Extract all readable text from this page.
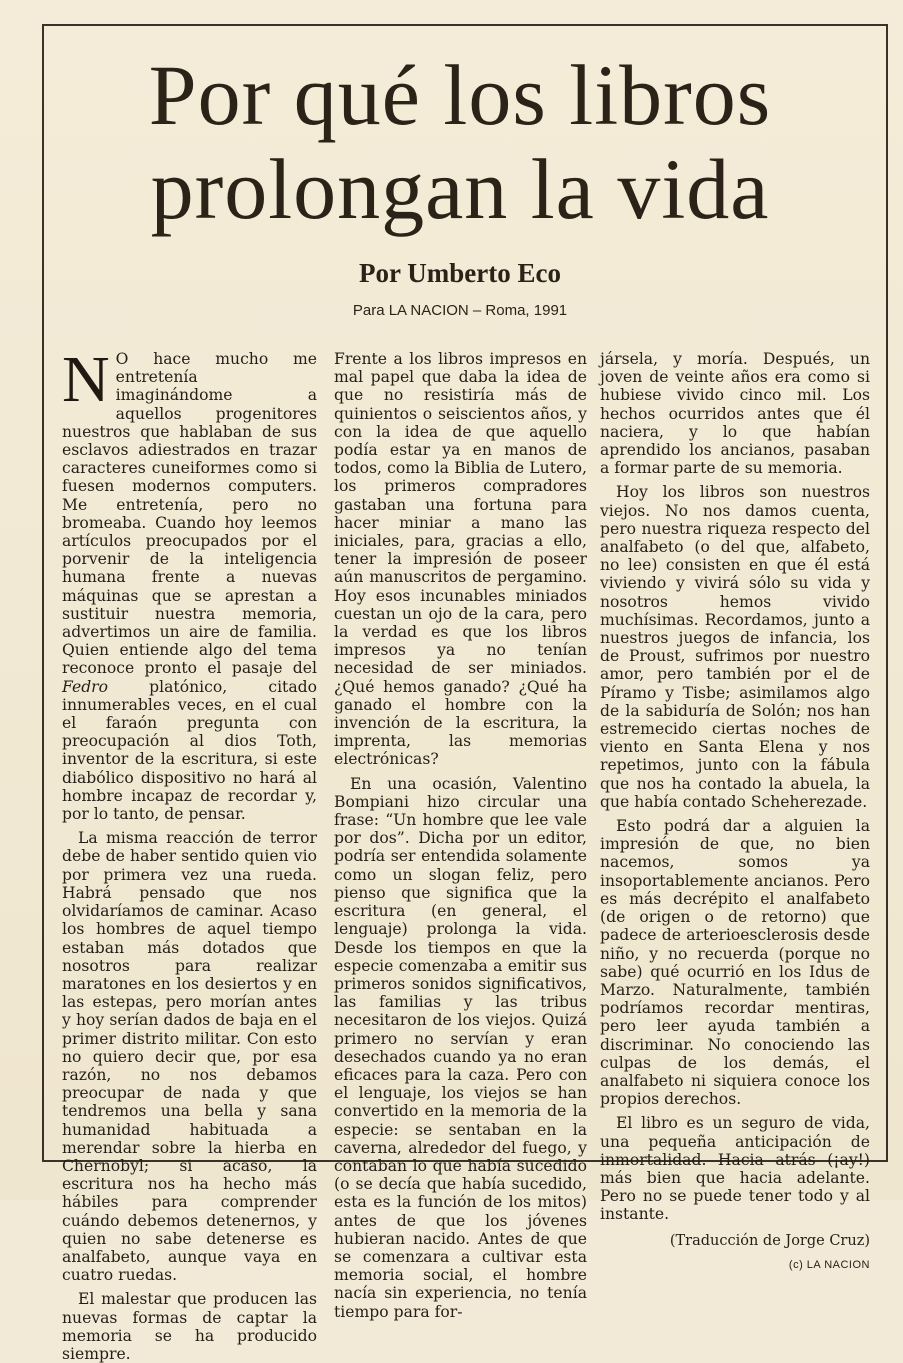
Por qué los libros
prolongan la vida
Por Umberto Eco
Para LA NACION – Roma, 1991

N O hace mucho me entretenía imaginándome a aquellos progenitores nuestros que hablaban de sus esclavos adiestrados en trazar caracteres cuneiformes como si fuesen modernos computers. Me entretenía, pero no bromeaba. Cuando hoy leemos artículos preocupados por el porvenir de la inteligencia humana frente a nuevas máquinas que se aprestan a sustituir nuestra memoria, advertimos un aire de familia. Quien entiende algo del tema reconoce pronto el pasaje del Fedro platónico, citado innumerables veces, en el cual el faraón pregunta con preocupación al dios Toth, inventor de la escritura, si este diabólico dispositivo no hará al hombre incapaz de recordar y, por lo tanto, de pensar.

La misma reacción de terror debe de haber sentido quien vio por primera vez una rueda. Habrá pensado que nos olvidaríamos de caminar. Acaso los hombres de aquel tiempo estaban más dotados que nosotros para realizar maratones en los desiertos y en las estepas, pero morían antes y hoy serían dados de baja en el primer distrito militar. Con esto no quiero decir que, por esa razón, no nos debamos preocupar de nada y que tendremos una bella y sana humanidad habituada a merendar sobre la hierba en Chernobyl; si acaso, la escritura nos ha hecho más hábiles para comprender cuándo debemos detenernos, y quien no sabe detenerse es analfabeto, aunque vaya en cuatro ruedas.

El malestar que producen las nuevas formas de captar la memoria se ha producido siempre.

Frente a los libros impresos en mal papel que daba la idea de que no resistiría más de quinientos o seiscientos años, y con la idea de que aquello podía estar ya en manos de todos, como la Biblia de Lutero, los primeros compradores gastaban una fortuna para hacer miniar a mano las iniciales, para, gracias a ello, tener la impresión de poseer aún manuscritos de pergamino. Hoy esos incunables miniados cuestan un ojo de la cara, pero la verdad es que los libros impresos ya no tenían necesidad de ser miniados. ¿Qué hemos ganado? ¿Qué ha ganado el hombre con la invención de la escritura, la imprenta, las memorias electrónicas?

En una ocasión, Valentino Bompiani hizo circular una frase: “Un hombre que lee vale por dos”. Dicha por un editor, podría ser entendida solamente como un slogan feliz, pero pienso que significa que la escritura (en general, el lenguaje) prolonga la vida. Desde los tiempos en que la especie comenzaba a emitir sus primeros sonidos significativos, las familias y las tribus necesitaron de los viejos. Quizá primero no servían y eran desechados cuando ya no eran eficaces para la caza. Pero con el lenguaje, los viejos se han convertido en la memoria de la especie: se sentaban en la caverna, alrededor del fuego, y contaban lo que había sucedido (o se decía que había sucedido, esta es la función de los mitos) antes de que los jóvenes hubieran nacido. Antes de que se comenzara a cultivar esta memoria social, el hombre nacía sin experiencia, no tenía tiempo para for-

jársela, y moría. Después, un joven de veinte años era como si hubiese vivido cinco mil. Los hechos ocurridos antes que él naciera, y lo que habían aprendido los ancianos, pasaban a formar parte de su memoria.

Hoy los libros son nuestros viejos. No nos damos cuenta, pero nuestra riqueza respecto del analfabeto (o del que, alfabeto, no lee) consisten en que él está viviendo y vivirá sólo su vida y nosotros hemos vivido muchísimas. Recordamos, junto a nuestros juegos de infancia, los de Proust, sufrimos por nuestro amor, pero también por el de Píramo y Tisbe; asimilamos algo de la sabiduría de Solón; nos han estremecido ciertas noches de viento en Santa Elena y nos repetimos, junto con la fábula que nos ha contado la abuela, la que había contado Scheherezade.

Esto podrá dar a alguien la impresión de que, no bien nacemos, somos ya insoportablemente ancianos. Pero es más decrépito el analfabeto (de origen o de retorno) que padece de arterioesclerosis desde niño, y no recuerda (porque no sabe) qué ocurrió en los Idus de Marzo. Naturalmente, también podríamos recordar mentiras, pero leer ayuda también a discriminar. No conociendo las culpas de los demás, el analfabeto ni siquiera conoce los propios derechos.

El libro es un seguro de vida, una pequeña anticipación de inmortalidad. Hacia atrás (¡ay!) más bien que hacia adelante. Pero no se puede tener todo y al instante.

(Traducción de Jorge Cruz)
(c) LA NACION
